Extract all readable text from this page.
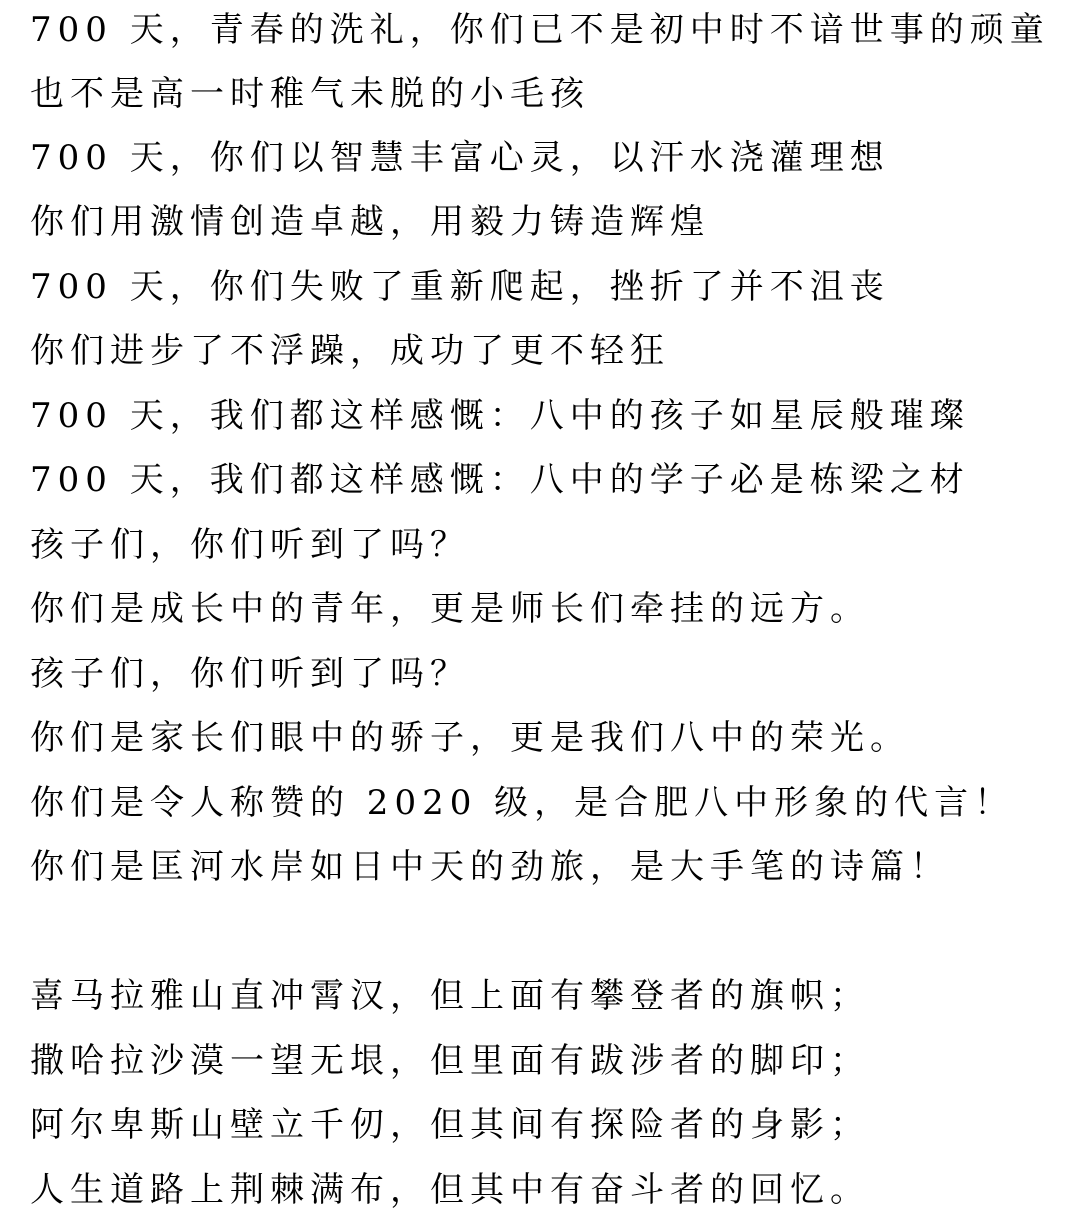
700 天，青春的洗礼，你们已不是初中时不谙世事的顽童
也不是高一时稚气未脱的小毛孩
700 天，你们以智慧丰富心灵，以汗水浇灌理想
你们用激情创造卓越，用毅力铸造辉煌
700 天，你们失败了重新爬起，挫折了并不沮丧
你们进步了不浮躁，成功了更不轻狂
700 天，我们都这样感慨：八中的孩子如星辰般璀璨
700 天，我们都这样感慨：八中的学子必是栋梁之材
孩子们，你们听到了吗？
你们是成长中的青年，更是师长们牵挂的远方。
孩子们，你们听到了吗？
你们是家长们眼中的骄子，更是我们八中的荣光。
你们是令人称赞的 2020 级，是合肥八中形象的代言！
你们是匡河水岸如日中天的劲旅，是大手笔的诗篇！
喜马拉雅山直冲霄汉，但上面有攀登者的旗帜；
撒哈拉沙漠一望无垠，但里面有跋涉者的脚印；
阿尔卑斯山壁立千仞，但其间有探险者的身影；
人生道路上荆棘满布，但其中有奋斗者的回忆。
